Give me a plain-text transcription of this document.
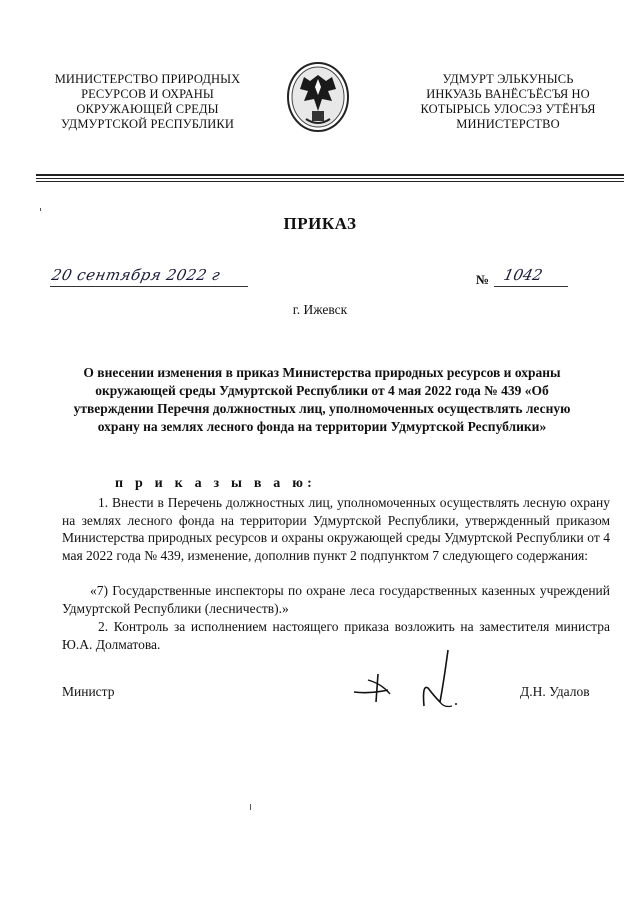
МИНИСТЕРСТВО ПРИРОДНЫХ
РЕСУРСОВ И ОХРАНЫ
ОКРУЖАЮЩЕЙ СРЕДЫ
УДМУРТСКОЙ РЕСПУБЛИКИ
УДМУРТ ЭЛЬКУНЫСЬ
ИНКУАЗЬ ВАНЁСЪЁСЪЯ НО
КОТЫРЫСЬ УЛОСЭЗ УТЁНЪЯ
МИНИСТЕРСТВО
ПРИКАЗ
20 сентября 2022 г	№ 1042
г. Ижевск
О внесении изменения в приказ Министерства природных ресурсов и охраны окружающей среды Удмуртской Республики от 4 мая 2022 года № 439 «Об утверждении Перечня должностных лиц, уполномоченных осуществлять лесную охрану на землях лесного фонда на территории Удмуртской Республики»
п р и к а з ы в а ю:
1. Внести в Перечень должностных лиц, уполномоченных осуществлять лесную охрану на землях лесного фонда на территории Удмуртской Республики, утвержденный приказом Министерства природных ресурсов и охраны окружающей среды Удмуртской Республики от 4 мая 2022 года № 439, изменение, дополнив пункт 2 подпунктом 7 следующего содержания:
«7) Государственные инспекторы по охране леса государственных казенных учреждений Удмуртской Республики (лесничеств).»
2. Контроль за исполнением настоящего приказа возложить на заместителя министра Ю.А. Долматова.
Министр	Д.Н. Удалов
